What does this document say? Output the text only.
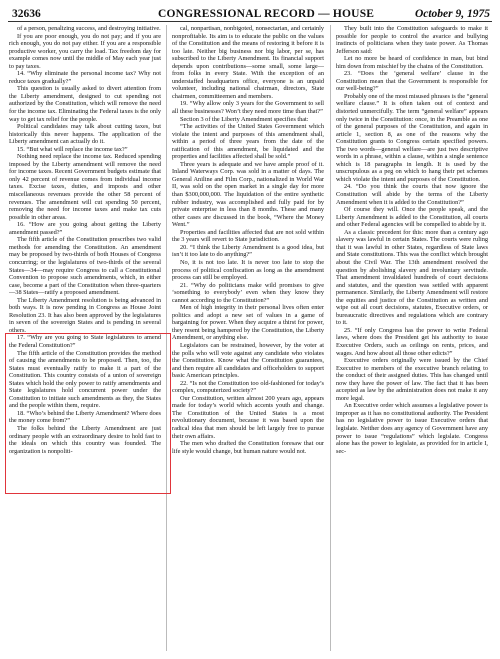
32636	CONGRESSIONAL RECORD — HOUSE	October 9, 1975

of a person, penalizing success, and destroying initiative.

If you are poor enough, you do not pay; and if you are rich enough, you do not pay either. If you are a responsible productive worker, you carry the load. Tax freedom day for example comes now until the middle of May each year just to pay taxes.

14. “Why eliminate the personal income tax? Why not reduce taxes gradually?”

This question is usually asked to divert attention from the Liberty amendment, designed to cut spending not authorized by the Constitution, which will remove the need for the income tax. Eliminating the Federal taxes is the only way to get tax relief for the people.

Political candidates may talk about cutting taxes, but historically this never happens. The application of the Liberty amendment can actually do it.

15. “But what will replace the income tax?”

Nothing need replace the income tax. Reduced spending imposed by the Liberty amendment will remove the need for income taxes. Recent Government budgets estimate that only 42 percent of revenue comes from individual income taxes. Excise taxes, duties, and imposts and other miscellaneous revenues provide the other 58 percent of revenues. The amendment will cut spending 50 percent, removing the need for income taxes and make tax cuts possible in other areas.

16. “How are you going about getting the Liberty amendment passed?”

The fifth article of the Constitution prescribes two valid methods for amending the Constitution. An amendment may be proposed by two-thirds of both Houses of Congress concurring; or the legislatures of two-thirds of the several States—34—may require Congress to call a Constitutional Convention to propose such amendments, which, in either case, become a part of the Constitution when three-quarters—38 States—ratify a proposed amendment.

The Liberty Amendment resolution is being advanced in both ways. It is now pending in Congress as House Joint Resolution 23. It has also been approved by the legislatures in seven of the sovereign States and is pending in several others.

17. “Why are you going to State legislatures to amend the Federal Constitution?”

The fifth article of the Constitution provides the method of causing the amendments to be proposed. Then, too, the States must eventually ratify to make it a part of the Constitution. This country consists of a union of sovereign States which hold the only power to ratify amendments and State legislatures hold concurrent power under the Constitution to initiate such amendments as they, the States and the people within them, require.

18. “Who’s behind the Liberty Amendment? Where does the money come from?”

The folks behind the Liberty Amendment are just ordinary people with an extraordinary desire to hold fast to the ideals on which this country was founded. The organization is nonpoliti-

cal, nonpartisan, nonbigoted, nonsectarian, and certainly nonprofitable. Its aim is to educate the public on the values of the Constitution and the means of restoring it before it is too late. Neither big business nor big labor, per se, has subscribed to the Liberty Amendment. Its financial support depends upon contributions—some small, some large—from folks in every State. With the exception of an understaffed headquarters office, everyone is an unpaid volunteer, including national chairman, directors, State chairmen, committeemen and members.

19. “Why allow only 3 years for the Government to sell all these businesses? Won’t they need more time than that?”

Section 3 of the Liberty Amendment specifies that:

“The activities of the United States Government which violate the intent and purposes of this amendment shall, within a period of three years from the date of the ratification of this amendment, be liquidated and the properties and facilities affected shall be sold.”

Three years is adequate and we have ample proof of it. Inland Waterways Corp. was sold in a matter of days. The General Aniline and Film Corp., nationalized in World War II, was sold on the open market in a single day for more than $300,000,000. The liquidation of the entire synthetic rubber industry, was accomplished and fully paid for by private enterprise in less than 8 months. These and many other cases are discussed in the book, “Where the Money Went.”

Properties and facilities affected that are not sold within the 3 years will revert to State jurisdiction.

20. “I think the Liberty Amendment is a good idea, but isn’t it too late to do anything?”

No, it is not too late. It is never too late to stop the process of political confiscation as long as the amendment process can still be employed.

21. “Why do politicians make wild promises to give ‘something to everybody’ even when they know they cannot according to the Constitution?”

Men of high integrity in their personal lives often enter politics and adopt a new set of values in a game of bargaining for power. When they acquire a thirst for power, they resent being hampered by the Constitution, the Liberty Amendment, or anything else.

Legislators can be restrained, however, by the voter at the polls who will vote against any candidate who violates the Constitution. Know what the Constitution guarantees, and then require all candidates and officeholders to support basic American principles.

22. “Is not the Constitution too old-fashioned for today’s complex, computerized society?”

Our Constitution, written almost 200 years ago, appears made for today’s world which accents youth and change. The Constitution of the United States is a most revolutionary document, because it was based upon the radical idea that men should be left largely free to pursue their own affairs.

The men who drafted the Constitution foresaw that our life style would change, but human nature would not.

They built into the Constitution safeguards to make it possible for people to control the avarice and bullying instincts of politicians when they taste power. As Thomas Jefferson said:

Let no more be heard of confidence in man, but bind him down from mischief by the chains of the Constitution.

23. “Does the ‘general welfare’ clause in the Constitution mean that the Government is responsible for our well-being?”

Probably one of the most misused phrases is the “general welfare clause.” It is often taken out of context and distorted unmercifully. The term “general welfare” appears only twice in the Constitution: once, in the Preamble as one of the general purposes of the Constitution, and again in article 1, section 8, as one of the reasons why the Constitution grants to Congress certain specified powers. The two words—general welfare—are just two descriptive words in a phrase, within a clause, within a single sentence which is 18 paragraphs in length. It is used by the unscrupulous as a peg on which to hang their pet schemes which violate the intent and purposes of the Constitution.

24. “Do you think the courts that now ignore the Constitution will abide by the terms of the Liberty Amendment when it is added to the Constitution?”

Of course they will. Once the people speak, and the Liberty Amendment is added to the Constitution, all courts and other Federal agencies will be compelled to abide by it.

As a classic precedent for this: more than a century ago slavery was lawful in certain States. The courts were ruling that it was lawful in other States, regardless of State laws and State constitutions. This was the conflict which brought about the Civil War. The 13th amendment resolved the question by abolishing slavery and involuntary servitude. That amendment invalidated hundreds of court decisions and statutes, and the question was settled with apparent permanence. Similarly, the Liberty Amendment will restore the equities and justice of the Constitution as written and wipe out all court decisions, statutes, Executive orders, or bureaucratic directives and regulations which are contrary to it.

25. “If only Congress has the power to write Federal laws, where does the President get his authority to issue Executive Orders, such as ceilings on rents, prices, and wages. And how about all those other edicts?”

Executive orders originally were issued by the Chief Executive to members of the executive branch relating to the conduct of their assigned duties. This has changed until now they have the power of law. The fact that it has been accepted as law by the administration does not make it any more legal.

An Executive order which assumes a legislative power is improper as it has no constitutional authority. The President has no legislative power to issue Executive orders that legislate. Neither does any agency of Government have any power to issue “regulations” which legislate. Congress alone has the power to legislate, as provided for in article I, sec-
